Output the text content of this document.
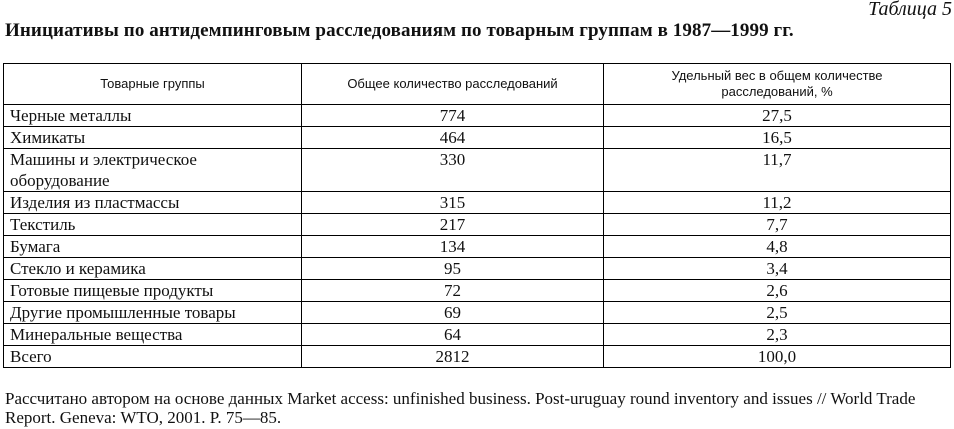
Таблица 5
Инициативы по антидемпинговым расследованиям по товарным группам в 1987—1999 гг.
Товарные группы	Общее количество расследований	Удельный вес в общем количестве расследований, %

Черные металлы	774	27,5
Химикаты	464	16,5
Машины и электрическое оборудование	330	11,7
Изделия из пластмассы	315	11,2
Текстиль	217	7,7
Бумага	134	4,8
Стекло и керамика	95	3,4
Готовые пищевые продукты	72	2,6
Другие промышленные товары	69	2,5
Минеральные вещества	64	2,3
Всего	2812	100,0
Рассчитано автором на основе данных Market access: unfinished business. Post-uruguay round inventory and issues // World Trade Report. Geneva: WTO, 2001. P. 75—85.
